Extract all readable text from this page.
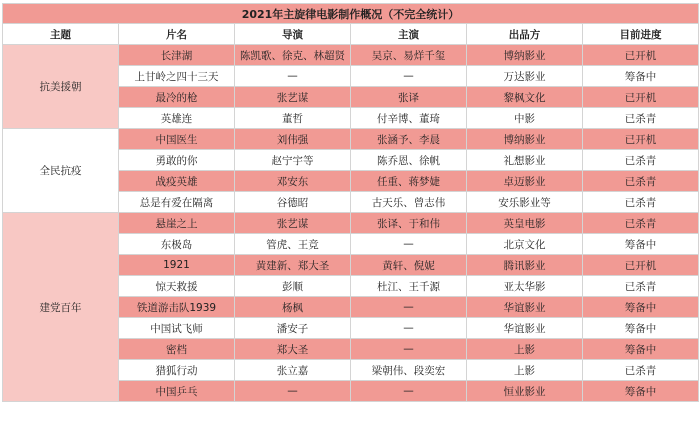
2021年主旋律电影制作概况（不完全统计）					
主题	片名	导演	主演	出品方	目前进度
抗美援朝	长津湖	陈凯歌、徐克、林超贤	吴京、易烊千玺	博纳影业	已开机
	上甘岭之四十三天	—	—	万达影业	筹备中
	最冷的枪	张艺谋	张译	黎枫文化	已开机
	英雄连	董哲	付辛博、董琦	中影	已杀青
全民抗疫	中国医生	刘伟强	张涵予、李晨	博纳影业	已开机
	勇敢的你	赵宁宇等	陈乔恩、徐帆	礼想影业	已杀青
	战疫英雄	邓安东	任重、蒋梦婕	卓迈影业	已杀青
	总是有爱在隔离	谷德昭	古天乐、曾志伟	安乐影业等	已杀青
建党百年	悬崖之上	张艺谋	张译、于和伟	英皇电影	已杀青
	东极岛	管虎、王竞	—	北京文化	筹备中
	1921	黄建新、郑大圣	黄轩、倪妮	腾讯影业	已开机
	惊天救援	彭顺	杜江、王千源	亚太华影	已杀青
	铁道游击队1939	杨枫	—	华谊影业	筹备中
	中国试飞师	潘安子	—	华谊影业	筹备中
	密档	郑大圣	—	上影	筹备中
	猎狐行动	张立嘉	梁朝伟、段奕宏	上影	已杀青
	中国乒乓	—	—	恒业影业	筹备中
